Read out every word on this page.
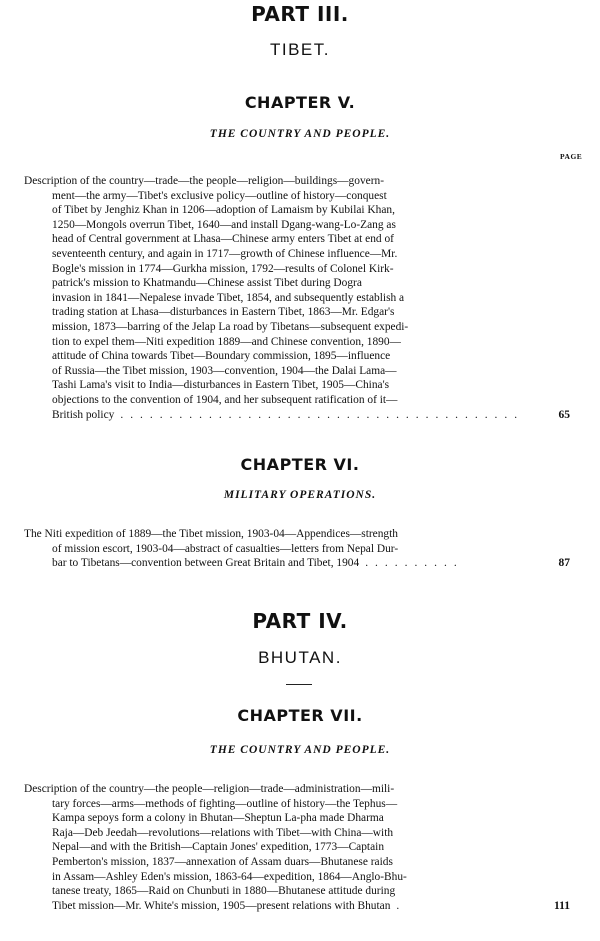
PART III.
TIBET.
CHAPTER V.
THE COUNTRY AND PEOPLE.
PAGE
Description of the country—trade—the people—religion—buildings—govern-
ment—the army—Tibet's exclusive policy—outline of history—conquest
of Tibet by Jenghiz Khan in 1206—adoption of Lamaism by Kubilai Khan,
1250—Mongols overrun Tibet, 1640—and install Dgang-wang-Lo-Zang as
head of Central government at Lhasa—Chinese army enters Tibet at end of
seventeenth century, and again in 1717—growth of Chinese influence—Mr.
Bogle's mission in 1774—Gurkha mission, 1792—results of Colonel Kirk-
patrick's mission to Khatmandu—Chinese assist Tibet during Dogra
invasion in 1841—Nepalese invade Tibet, 1854, and subsequently establish a
trading station at Lhasa—disturbances in Eastern Tibet, 1863—Mr. Edgar's
mission, 1873—barring of the Jelap La road by Tibetans—subsequent expedi-
tion to expel them—Niti expedition 1889—and Chinese convention, 1890—
attitude of China towards Tibet—Boundary commission, 1895—influence
of Russia—the Tibet mission, 1903—convention, 1904—the Dalai Lama—
Tashi Lama's visit to India—disturbances in Eastern Tibet, 1905—China's
objections to the convention of 1904, and her subsequent ratification of it—
British policy .........................................	65
CHAPTER VI.
MILITARY OPERATIONS.
The Niti expedition of 1889—the Tibet mission, 1903-04—Appendices—strength
of mission escort, 1903-04—abstract of casualties—letters from Nepal Dur-
bar to Tibetans—convention between Great Britain and Tibet, 1904 ..........	87
PART IV.
BHUTAN.
CHAPTER VII.
THE COUNTRY AND PEOPLE.
Description of the country—the people—religion—trade—administration—mili-
tary forces—arms—methods of fighting—outline of history—the Tephus—
Kampa sepoys form a colony in Bhutan—Sheptun La-pha made Dharma
Raja—Deb Jeedah—revolutions—relations with Tibet—with China—with
Nepal—and with the British—Captain Jones' expedition, 1773—Captain
Pemberton's mission, 1837—annexation of Assam duars—Bhutanese raids
in Assam—Ashley Eden's mission, 1863-64—expedition, 1864—Anglo-Bhu-
tanese treaty, 1865—Raid on Chunbuti in 1880—Bhutanese attitude during
Tibet mission—Mr. White's mission, 1905—present relations with Bhutan .	111
